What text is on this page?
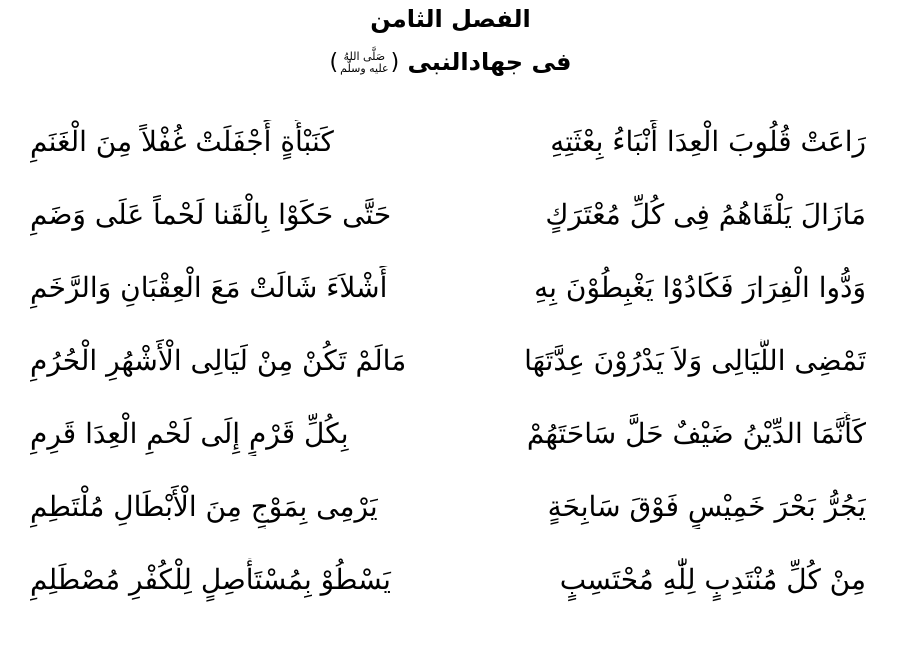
الفصل الثامن
فى جهادالنبى (
صَلَّى اللهُ
عليه وسلّم
)
رَاعَتْ قُلُوبَ الْعِدَا أَنْبَاءُ بِعْثَتِهِ
كَنَبْأَةٍ أَجْفَلَتْ غُفْلاً مِنَ الْغَنَمِ
مَازَالَ يَلْقَاهُمُ فِى كُلِّ مُعْتَرَكٍ
حَتَّى حَكَوْا بِالْقَنا لَحْماً عَلَى وَضَمِ
وَدُّوا الْفِرَارَ فَكَادُوْا يَغْبِطُوْنَ بِهِ
أَشْلاَءَ شَالَتْ مَعَ الْعِقْبَانِ وَالرَّخَمِ
تَمْضِى اللَّيَالِى وَلاَ يَدْرُوْنَ عِدَّتَهَا
مَالَمْ تَكُنْ مِنْ لَيَالِى الْأَشْهُرِ الْحُرُمِ
كَأَنَّمَا الدِّيْنُ ضَيْفٌ حَلَّ سَاحَتَهُمْ
بِكُلِّ قَرْمٍ إِلَى لَحْمِ الْعِدَا قَرِمِ
يَجُرُّ بَحْرَ خَمِيْسٍ فَوْقَ سَابِحَةٍ
يَرْمِى بِمَوْجٍ مِنَ الْأَبْطَالِ مُلْتَطِمِ
مِنْ كُلِّ مُنْتَدِبٍ لِلّٰهِ مُحْتَسِبٍ
يَسْطُوْ بِمُسْتَأْصِلٍ لِلْكُفْرِ مُصْطَلِمِ
